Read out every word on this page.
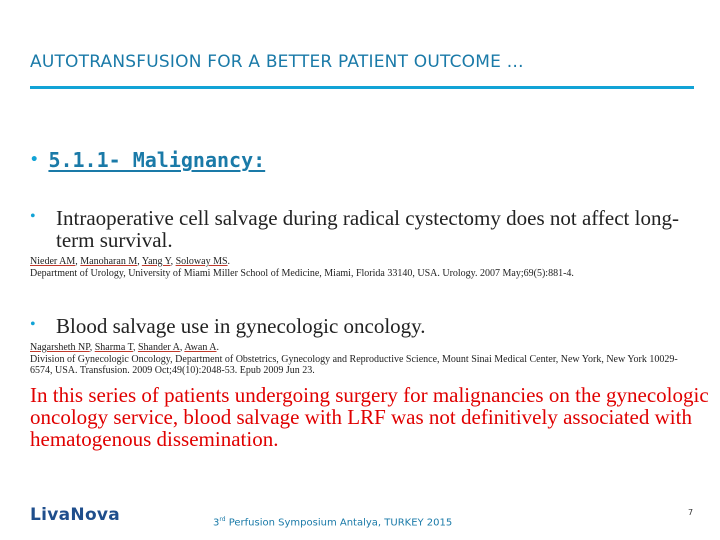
AUTOTRANSFUSION FOR A BETTER PATIENT OUTCOME …
• 5.1.1- Malignancy:
• Intraoperative cell salvage during radical cystectomy does not affect long-term survival.
Nieder AM, Manoharan M, Yang Y, Soloway MS.
Department of Urology, University of Miami Miller School of Medicine, Miami, Florida 33140, USA. Urology. 2007 May;69(5):881-4.
• Blood salvage use in gynecologic oncology.
Nagarsheth NP, Sharma T, Shander A, Awan A.
Division of Gynecologic Oncology, Department of Obstetrics, Gynecology and Reproductive Science, Mount Sinai Medical Center, New York, New York 10029-6574, USA. Transfusion. 2009 Oct;49(10):2048-53. Epub 2009 Jun 23.
In this series of patients undergoing surgery for malignancies on the gynecologic oncology service, blood salvage with LRF was not definitively associated with hematogenous dissemination.
LivaNova	3rd Perfusion Symposium Antalya, TURKEY 2015
7
